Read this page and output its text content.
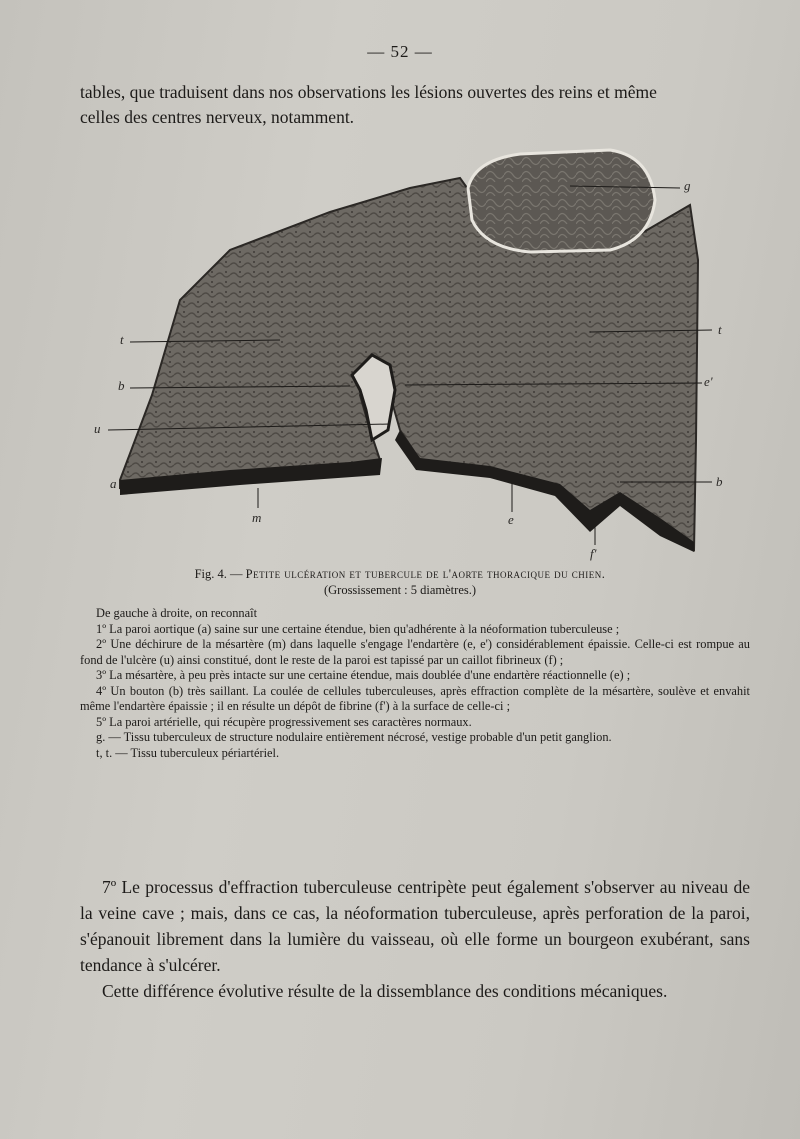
— 52 —

tables, que traduisent dans nos observations les lésions ouvertes des reins et même

celles des centres nerveux, notamment.

g
t
t
b	e'
u
a	b
m	e
f'
Fig. 4. — Petite ulcération et tubercule de l'aorte thoracique du chien.
(Grossissement : 5 diamètres.)

De gauche à droite, on reconnaît

1º La paroi aortique (a) saine sur une certaine étendue, bien qu'adhérente à la néoformation tuberculeuse ;

2º Une déchirure de la mésartère (m) dans laquelle s'engage l'endartère (e, e') considérablement épaissie. Celle-ci est rompue au fond de l'ulcère (u) ainsi constitué, dont le reste de la paroi est tapissé par un caillot fibrineux (f) ;

3º La mésartère, à peu près intacte sur une certaine étendue, mais doublée d'une endartère réactionnelle (e) ;

4º Un bouton (b) très saillant. La coulée de cellules tuberculeuses, après effraction complète de la mésartère, soulève et envahit même l'endartère épaissie ; il en résulte un dépôt de fibrine (f') à la surface de celle-ci ;

5º La paroi artérielle, qui récupère progressivement ses caractères normaux.

g. — Tissu tuberculeux de structure nodulaire entièrement nécrosé, vestige probable d'un petit ganglion.

t, t. — Tissu tuberculeux périartériel.

7º Le processus d'effraction tuberculeuse centripète peut également s'observer au niveau de la veine cave ; mais, dans ce cas, la néoformation tuberculeuse, après perforation de la paroi, s'épanouit librement dans la lumière du vaisseau, où elle forme un bourgeon exubérant, sans tendance à s'ulcérer.

Cette différence évolutive résulte de la dissemblance des conditions mécaniques.
